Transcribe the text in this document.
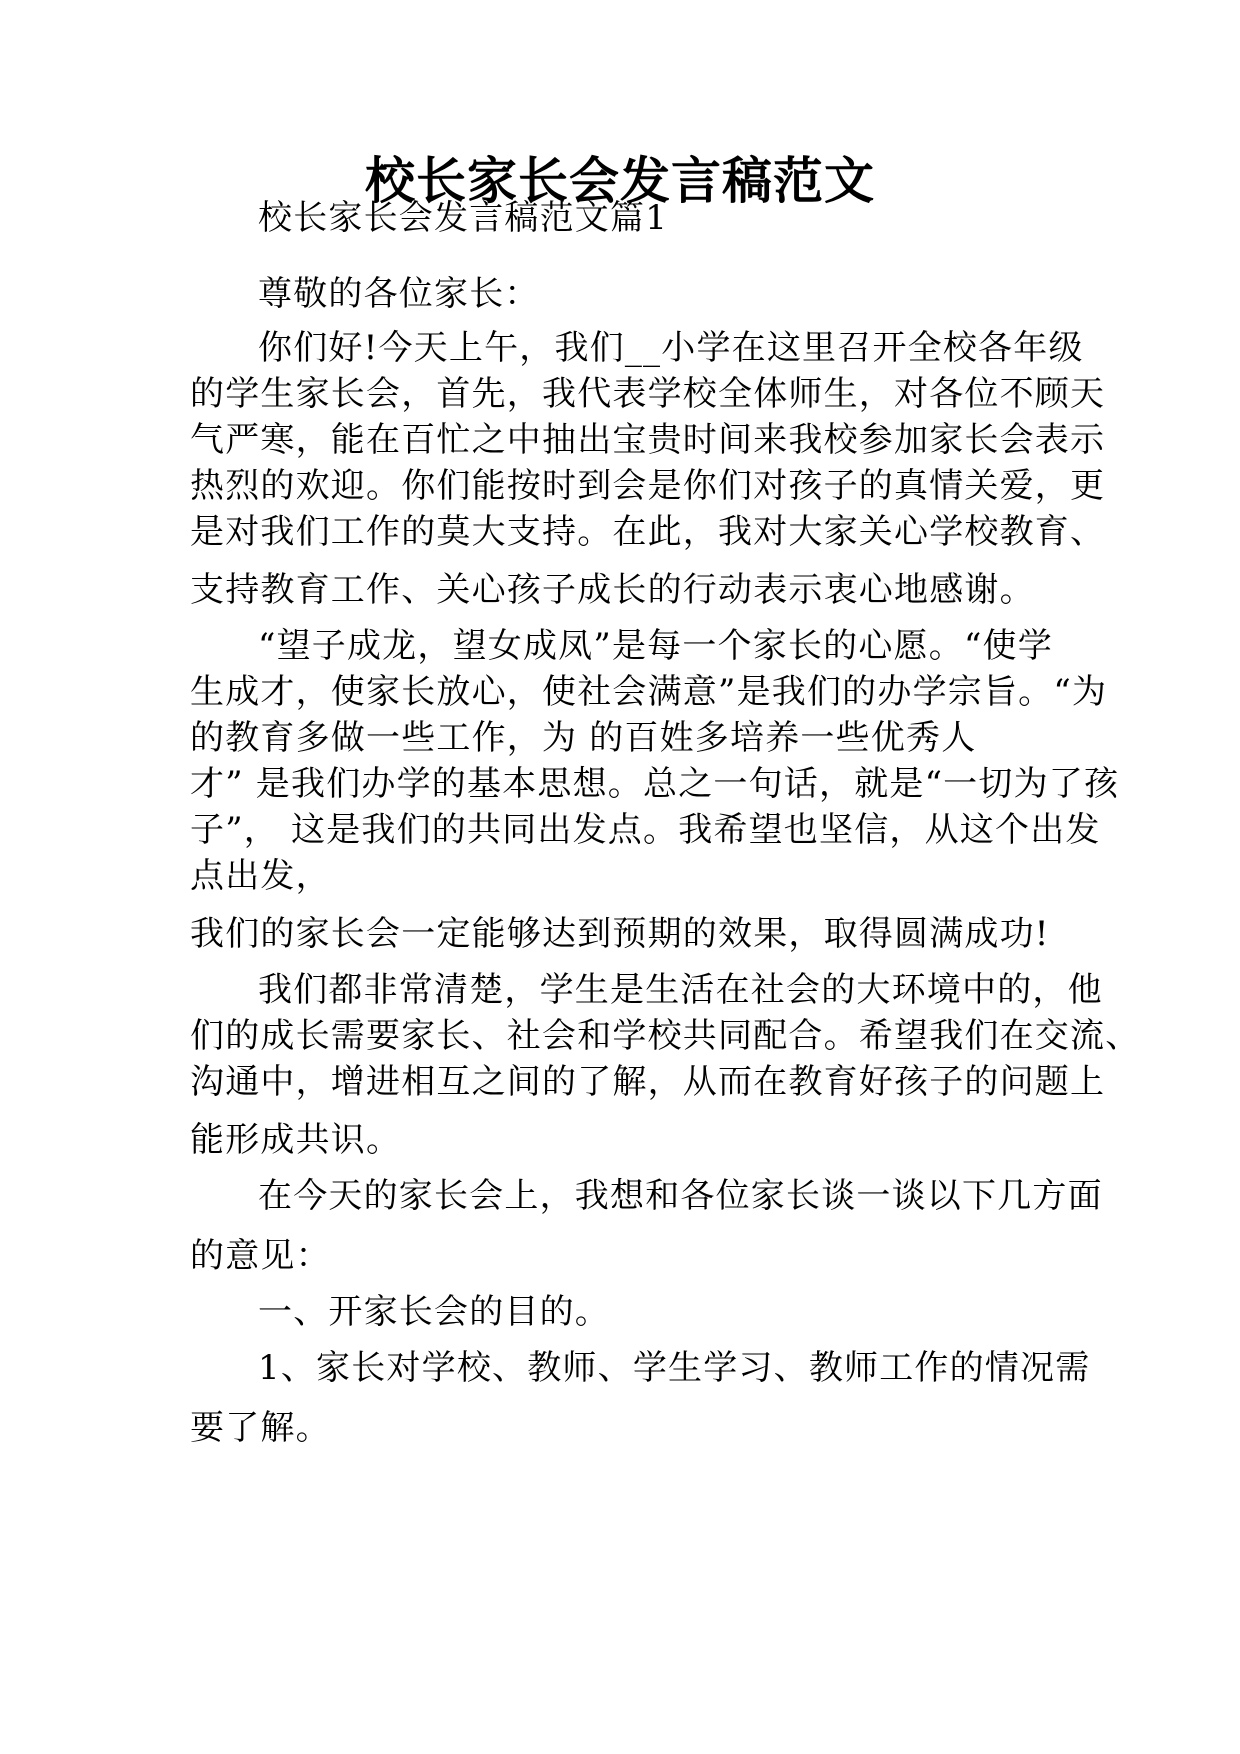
校长家长会发言稿范文
校长家长会发言稿范文篇1
尊敬的各位家长：
你们好!今天上午，我们__小学在这里召开全校各年级
的学生家长会，首先，我代表学校全体师生，对各位不顾天
气严寒，能在百忙之中抽出宝贵时间来我校参加家长会表示
热烈的欢迎。你们能按时到会是你们对孩子的真情关爱，更
是对我们工作的莫大支持。在此，我对大家关心学校教育、
支持教育工作、关心孩子成长的行动表示衷心地感谢。
“望子成龙，望女成凤”是每一个家长的心愿。“使学
生成才，使家长放心，使社会满意”是我们的办学宗旨。“为
的教育多做一些工作，为 的百姓多培养一些优秀人
才” 是我们办学的基本思想。总之一句话，就是“一切为了孩
子”， 这是我们的共同出发点。我希望也坚信，从这个出发
点出发，
我们的家长会一定能够达到预期的效果，取得圆满成功!
我们都非常清楚，学生是生活在社会的大环境中的，他
们的成长需要家长、社会和学校共同配合。希望我们在交流、
沟通中，增进相互之间的了解，从而在教育好孩子的问题上
能形成共识。
在今天的家长会上，我想和各位家长谈一谈以下几方面
的意见：
一、开家长会的目的。
1、家长对学校、教师、学生学习、教师工作的情况需
要了解。
